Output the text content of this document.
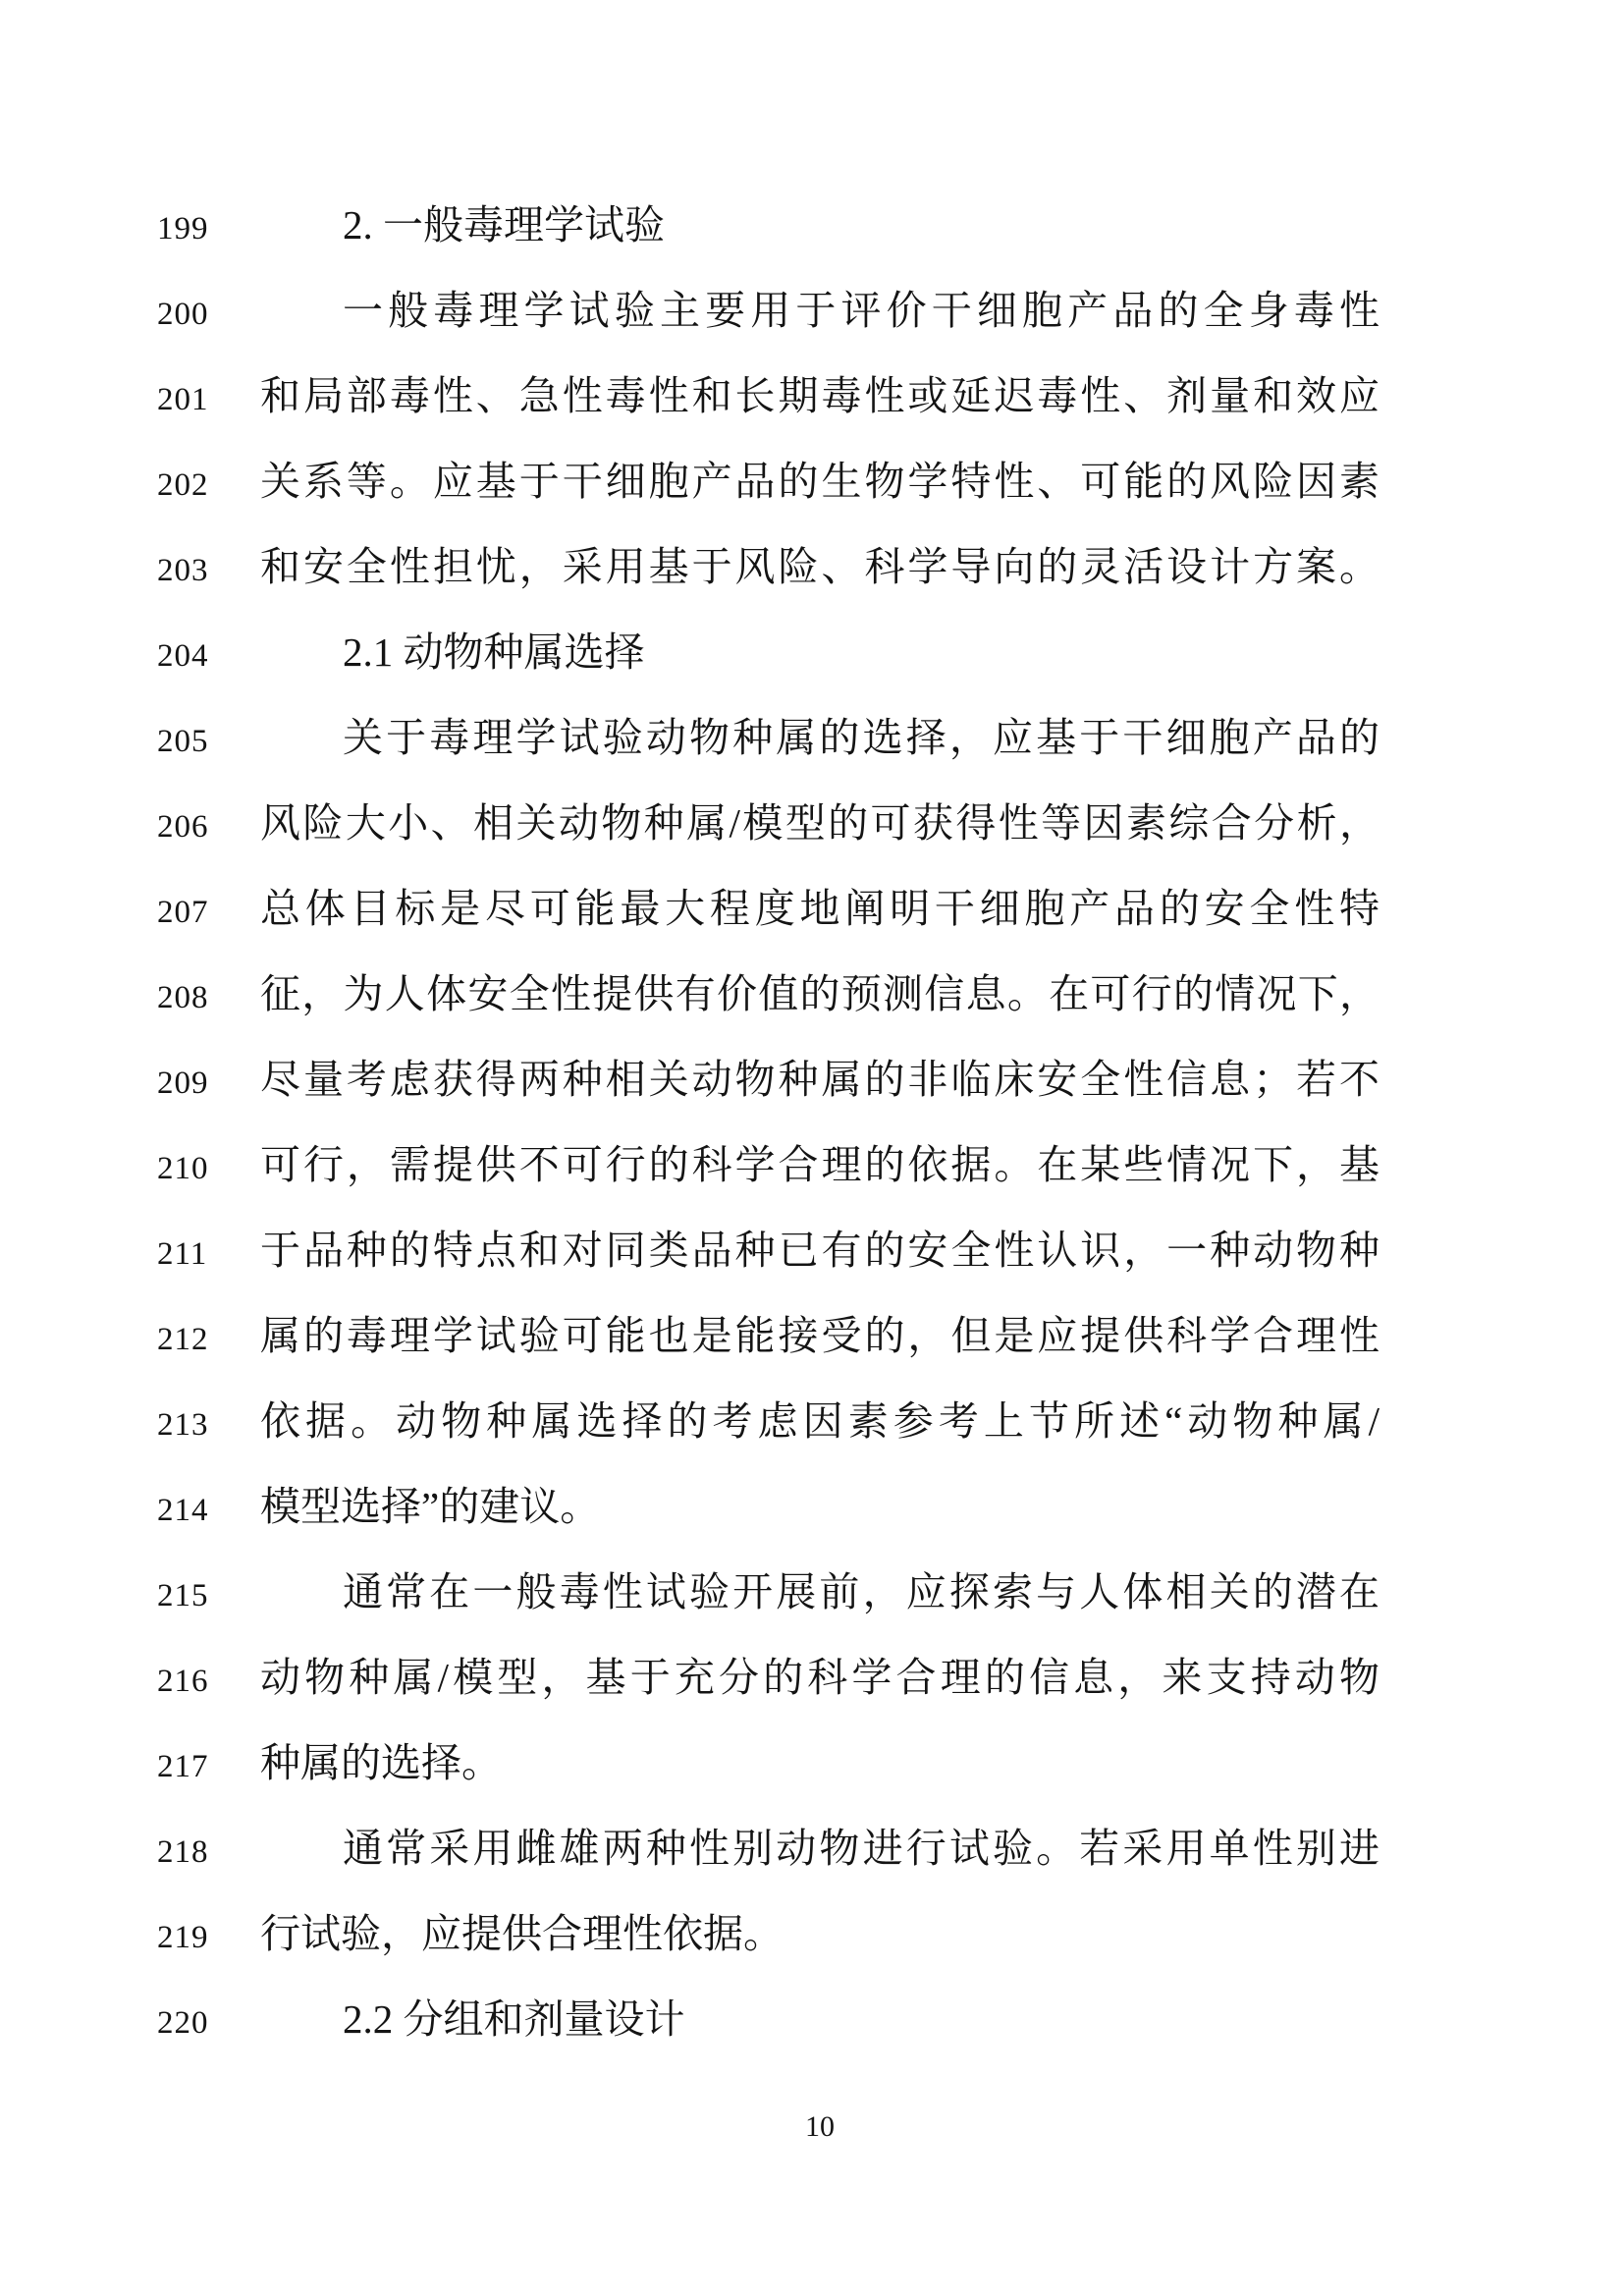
199	2. 一般毒理学试验
200	一般毒理学试验主要用于评价干细胞产品的全身毒性
201	和局部毒性、急性毒性和长期毒性或延迟毒性、剂量和效应
202	关系等。应基于干细胞产品的生物学特性、可能的风险因素
203	和安全性担忧，采用基于风险、科学导向的灵活设计方案。
204	2.1 动物种属选择
205	关于毒理学试验动物种属的选择，应基于干细胞产品的
206	风险大小、相关动物种属/模型的可获得性等因素综合分析，
207	总体目标是尽可能最大程度地阐明干细胞产品的安全性特
208	征，为人体安全性提供有价值的预测信息。在可行的情况下，
209	尽量考虑获得两种相关动物种属的非临床安全性信息；若不
210	可行，需提供不可行的科学合理的依据。在某些情况下，基
211	于品种的特点和对同类品种已有的安全性认识，一种动物种
212	属的毒理学试验可能也是能接受的，但是应提供科学合理性
213	依据。动物种属选择的考虑因素参考上节所述“动物种属/
214	模型选择”的建议。
215	通常在一般毒性试验开展前，应探索与人体相关的潜在
216	动物种属/模型，基于充分的科学合理的信息，来支持动物
217	种属的选择。
218	通常采用雌雄两种性别动物进行试验。若采用单性别进
219	行试验，应提供合理性依据。
220	2.2 分组和剂量设计
10
